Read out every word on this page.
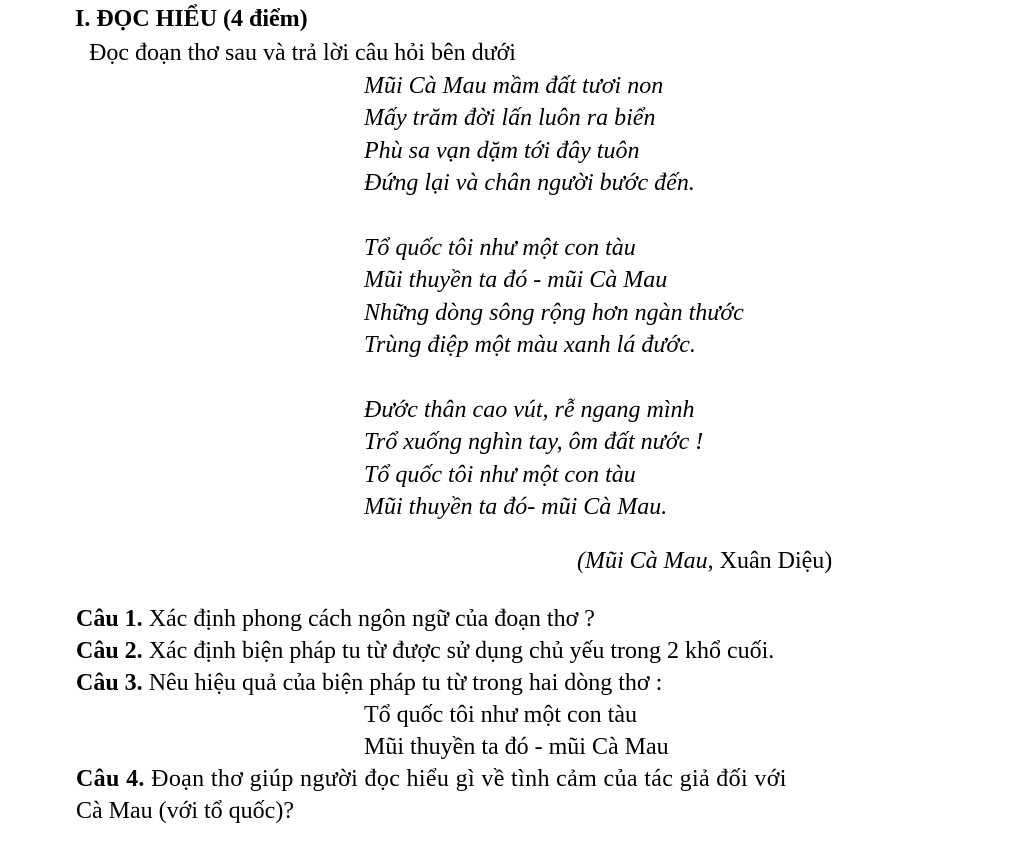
I. ĐỌC HIỂU (4 điểm)
Đọc đoạn thơ sau và trả lời câu hỏi bên dưới
Mũi Cà Mau mầm đất tươi non
Mấy trăm đời lấn luôn ra biển
Phù sa vạn dặm tới đây tuôn
Đứng lại và chân người bước đến.
Tổ quốc tôi như một con tàu
Mũi thuyền ta đó - mũi Cà Mau
Những dòng sông rộng hơn ngàn thước
Trùng điệp một màu xanh lá đước.
Đước thân cao vút, rễ ngang mình
Trổ xuống nghìn tay, ôm đất nước !
Tổ quốc tôi như một con tàu
Mũi thuyền ta đó- mũi Cà Mau.
(Mũi Cà Mau, Xuân Diệu)
Câu 1. Xác định phong cách ngôn ngữ của đoạn thơ ?
Câu 2. Xác định biện pháp tu từ được sử dụng chủ yếu trong 2 khổ cuối.
Câu 3. Nêu hiệu quả của biện pháp tu từ trong hai dòng thơ :
Tổ quốc tôi như một con tàu
Mũi thuyền ta đó - mũi Cà Mau
Câu 4. Đoạn thơ giúp người đọc hiểu gì về tình cảm của tác giả đối với
Cà Mau (với tổ quốc)?
